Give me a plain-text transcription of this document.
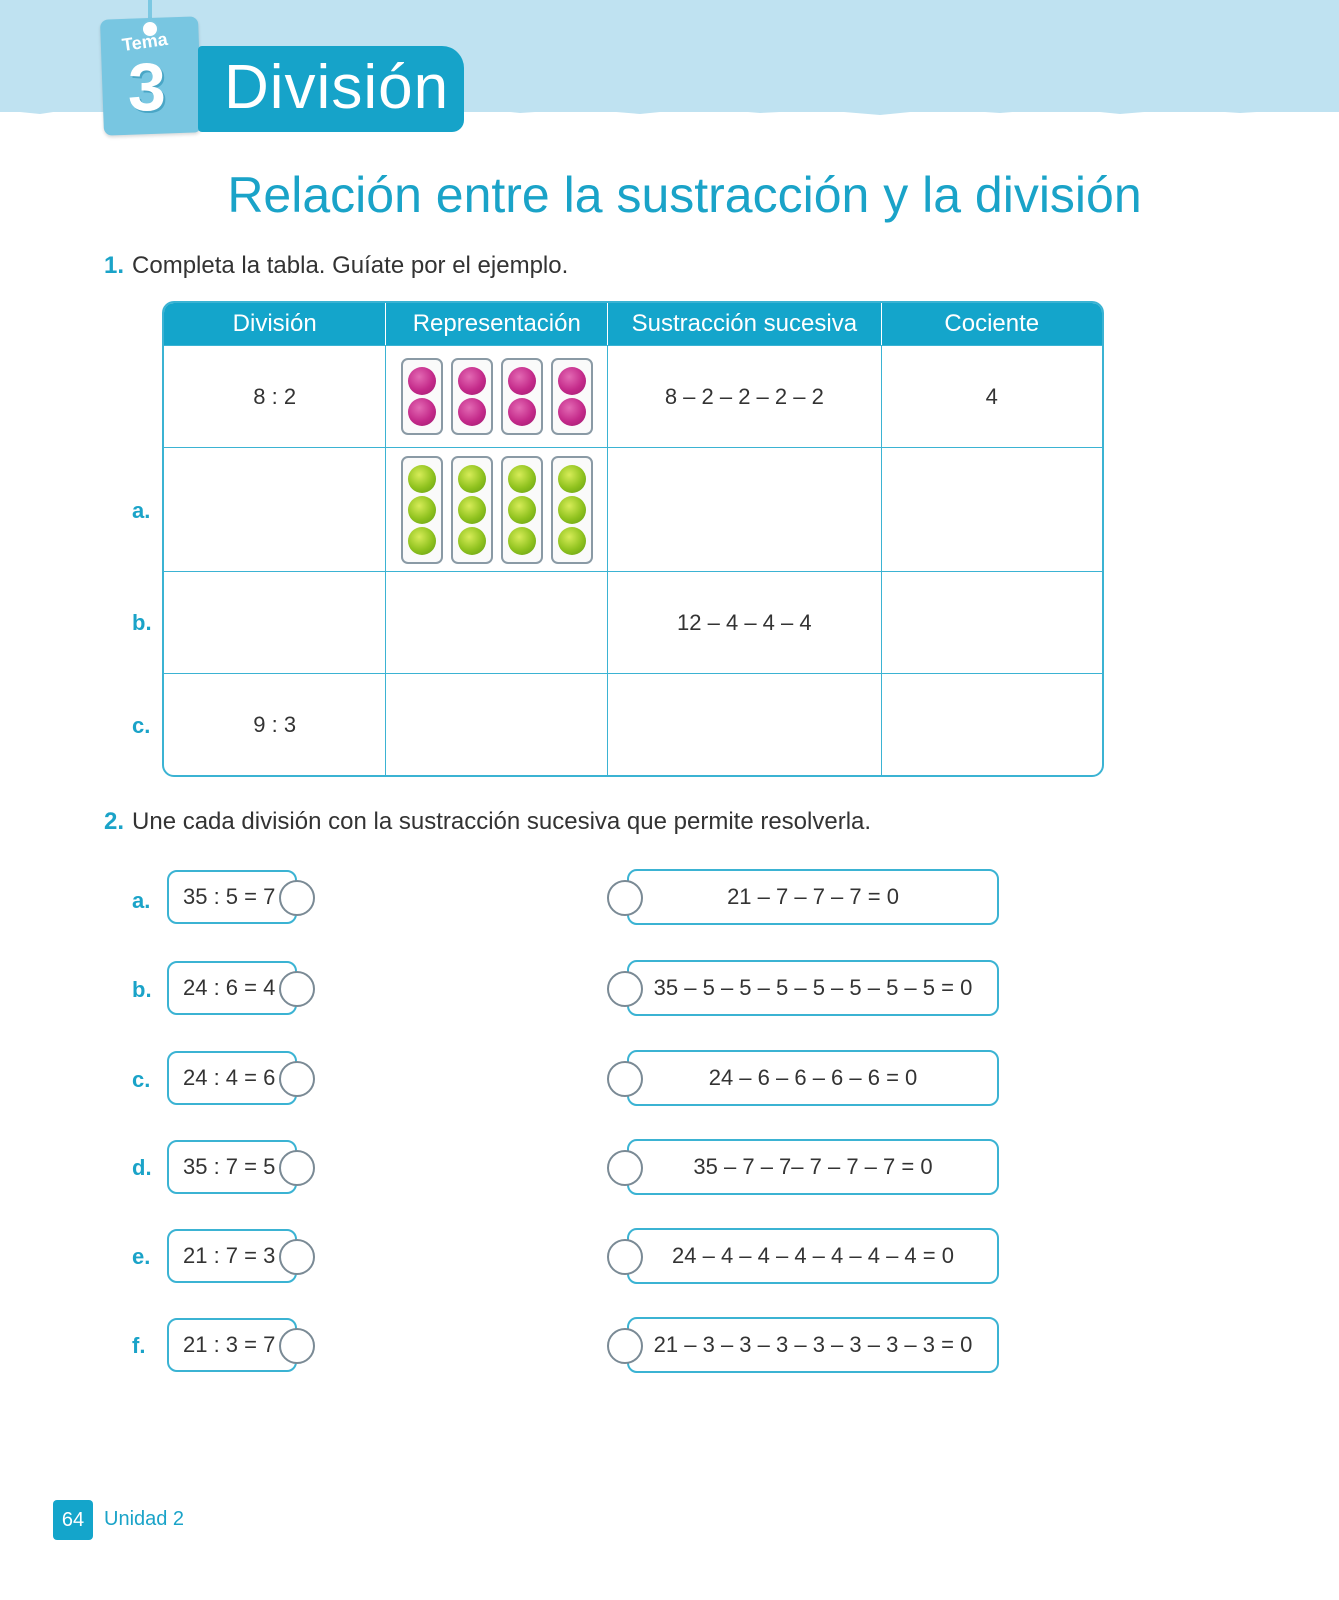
Tema
3 División
Relación entre la sustracción y la división
1. Completa la tabla. Guíate por el ejemplo.
a.
b.
c.
División	Representación	Sustracción sucesiva	Cociente
8 : 2		8 – 2 – 2 – 2 – 2	4

		12 – 4 – 4 – 4	
9 : 3			
2. Une cada división con la sustracción sucesiva que permite resolverla.
a.	35 : 5 = 7	21 – 7 – 7 – 7 = 0
b.	24 : 6 = 4	35 – 5 – 5 – 5 – 5 – 5 – 5 – 5 = 0
c.	24 : 4 = 6	24 – 6 – 6 – 6 – 6 = 0
d.	35 : 7 = 5	35 – 7 – 7– 7 – 7 – 7 = 0
e.	21 : 7 = 3	24 – 4 – 4 – 4 – 4 – 4 – 4 = 0
f.	21 : 3 = 7	21 – 3 – 3 – 3 – 3 – 3 – 3 – 3 = 0
64 Unidad 2
